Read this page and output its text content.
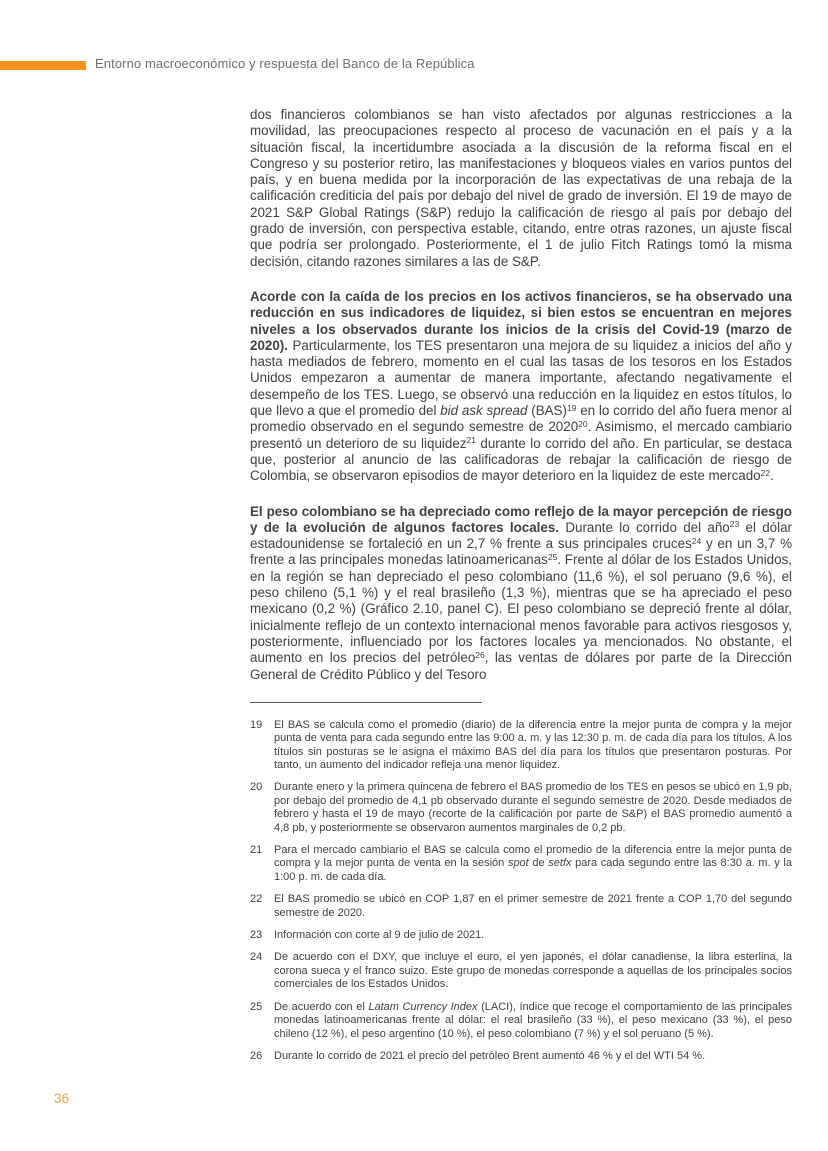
Entorno macroeconómico y respuesta del Banco de la República

dos financieros colombianos se han visto afectados por algunas restricciones a la movilidad, las preocupaciones respecto al proceso de vacunación en el país y a la situación fiscal, la incertidumbre asociada a la discusión de la reforma fiscal en el Congreso y su posterior retiro, las manifestaciones y bloqueos viales en varios puntos del país, y en buena medida por la incorporación de las expectativas de una rebaja de la calificación crediticia del país por debajo del nivel de grado de inversión. El 19 de mayo de 2021 S&P Global Ratings (S&P) redujo la calificación de riesgo al país por debajo del grado de inversión, con perspectiva estable, citando, entre otras razones, un ajuste fiscal que podría ser prolongado. Posteriormente, el 1 de julio Fitch Ratings tomó la misma decisión, citando razones similares a las de S&P.

Acorde con la caída de los precios en los activos financieros, se ha observado una reducción en sus indicadores de liquidez, si bien estos se encuentran en mejores niveles a los observados durante los inicios de la crisis del Covid-19 (marzo de 2020). Particularmente, los TES presentaron una mejora de su liquidez a inicios del año y hasta mediados de febrero, momento en el cual las tasas de los tesoros en los Estados Unidos empezaron a aumentar de manera importante, afectando negativamente el desempeño de los TES. Luego, se observó una reducción en la liquidez en estos títulos, lo que llevo a que el promedio del bid ask spread (BAS)$^{19}$ en lo corrido del año fuera menor al promedio observado en el segundo semestre de 2020$^{20}$. Asimismo, el mercado cambiario presentó un deterioro de su liquidez$^{21}$ durante lo corrido del año. En particular, se destaca que, posterior al anuncio de las calificadoras de rebajar la calificación de riesgo de Colombia, se observaron episodios de mayor deterioro en la liquidez de este mercado$^{22}$.

El peso colombiano se ha depreciado como reflejo de la mayor percepción de riesgo y de la evolución de algunos factores locales. Durante lo corrido del año$^{23}$ el dólar estadounidense se fortaleció en un 2,7 % frente a sus principales cruces$^{24}$ y en un 3,7 % frente a las principales monedas latinoamericanas$^{25}$. Frente al dólar de los Estados Unidos, en la región se han depreciado el peso colombiano (11,6 %), el sol peruano (9,6 %), el peso chileno (5,1 %) y el real brasileño (1,3 %), mientras que se ha apreciado el peso mexicano (0,2 %) (Gráfico 2.10, panel C). El peso colombiano se depreció frente al dólar, inicialmente reflejo de un contexto internacional menos favorable para activos riesgosos y, posteriormente, influenciado por los factores locales ya mencionados. No obstante, el aumento en los precios del petróleo$^{26}$, las ventas de dólares por parte de la Dirección General de Crédito Público y del Tesoro

19	El BAS se calcula como el promedio (diario) de la diferencia entre la mejor punta de compra y la mejor punta de venta para cada segundo entre las 9:00 a. m. y las 12:30 p. m. de cada día para los títulos. A los títulos sin posturas se le asigna el máximo BAS del día para los títulos que presentaron posturas. Por tanto, un aumento del indicador refleja una menor liquidez.
20	Durante enero y la primera quincena de febrero el BAS promedio de los TES en pesos se ubicó en 1,9 pb, por debajo del promedio de 4,1 pb observado durante el segundo semestre de 2020. Desde mediados de febrero y hasta el 19 de mayo (recorte de la calificación por parte de S&P) el BAS promedio aumentó a 4,8 pb, y posteriormente se observaron aumentos marginales de 0,2 pb.
21	Para el mercado cambiario el BAS se calcula como el promedio de la diferencia entre la mejor punta de compra y la mejor punta de venta en la sesión spot de setfx para cada segundo entre las 8:30 a. m. y la 1:00 p. m. de cada día.
22	El BAS promedio se ubicó en COP 1,87 en el primer semestre de 2021 frente a COP 1,70 del segundo semestre de 2020.
23	Información con corte al 9 de julio de 2021.
24	De acuerdo con el DXY, que incluye el euro, el yen japonés, el dólar canadiense, la libra esterlina, la corona sueca y el franco suizo. Este grupo de monedas corresponde a aquellas de los principales socios comerciales de los Estados Unidos.
25	De acuerdo con el Latam Currency Index (LACI), índice que recoge el comportamiento de las principales monedas latinoamericanas frente al dólar: el real brasileño (33 %), el peso mexicano (33 %), el peso chileno (12 %), el peso argentino (10 %), el peso colombiano (7 %) y el sol peruano (5 %).
26	Durante lo corrido de 2021 el precio del petróleo Brent aumentó 46 % y el del WTI 54 %.
36
